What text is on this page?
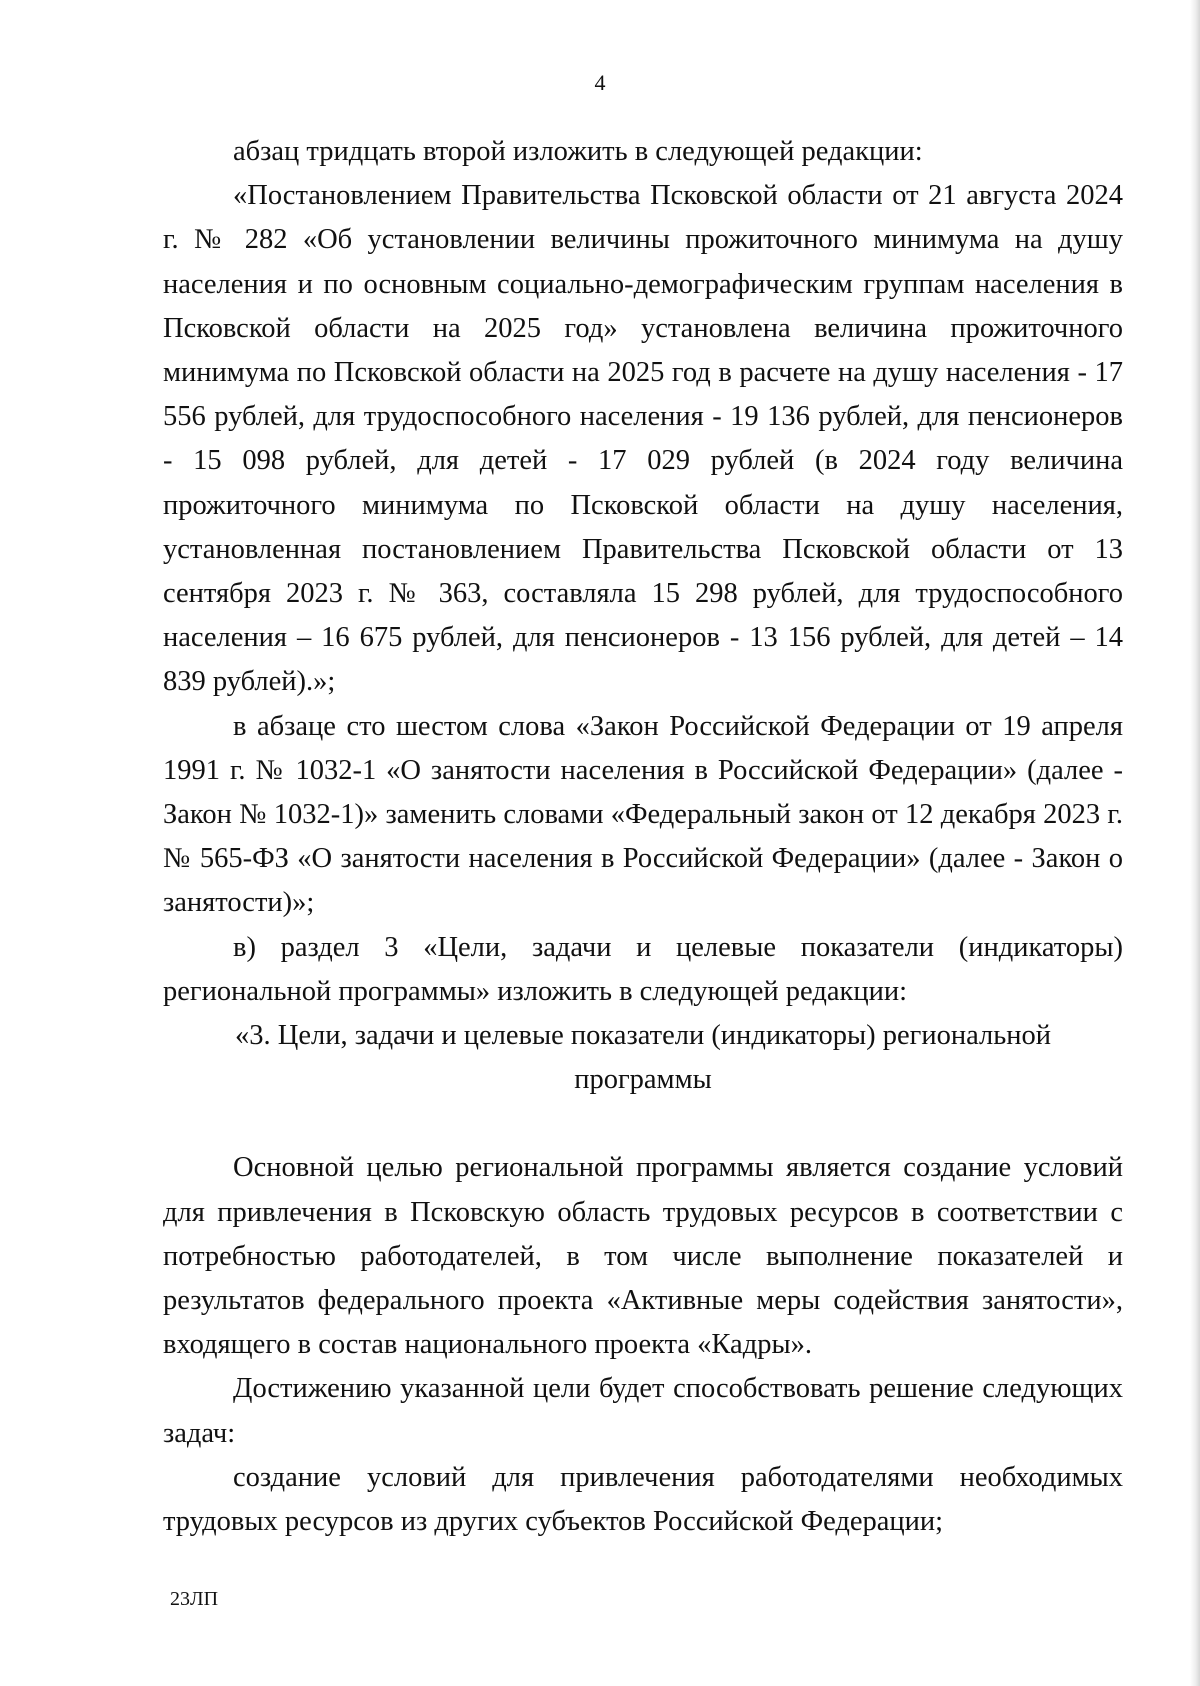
4

абзац тридцать второй изложить в следующей редакции:

«Постановлением Правительства Псковской области от 21 августа 2024 г. № 282 «Об установлении величины прожиточного минимума на душу населения и по основным социально-демографическим группам населения в Псковской области на 2025 год» установлена величина прожиточного минимума по Псковской области на 2025 год в расчете на душу населения - 17 556 рублей, для трудоспособного населения - 19 136 рублей, для пенсионеров - 15 098 рублей, для детей - 17 029 рублей (в 2024 году величина прожиточного минимума по Псковской области на душу населения, установленная постановлением Правительства Псковской области от 13 сентября 2023 г. № 363, составляла 15 298 рублей, для трудоспособного населения – 16 675 рублей, для пенсионеров - 13 156 рублей, для детей – 14 839 рублей).»;

в абзаце сто шестом слова «Закон Российской Федерации от 19 апреля 1991 г. № 1032-1 «О занятости населения в Российской Федерации» (далее - Закон № 1032-1)» заменить словами «Федеральный закон от 12 декабря 2023 г. № 565-ФЗ «О занятости населения в Российской Федерации» (далее - Закон о занятости)»;

в) раздел 3 «Цели, задачи и целевые показатели (индикаторы) региональной программы» изложить в следующей редакции:

«3. Цели, задачи и целевые показатели (индикаторы) региональной программы

Основной целью региональной программы является создание условий для привлечения в Псковскую область трудовых ресурсов в соответствии с потребностью работодателей, в том числе выполнение показателей и результатов федерального проекта «Активные меры содействия занятости», входящего в состав национального проекта «Кадры».

Достижению указанной цели будет способствовать решение следующих задач:

создание условий для привлечения работодателями необходимых трудовых ресурсов из других субъектов Российской Федерации;

23ЛП
